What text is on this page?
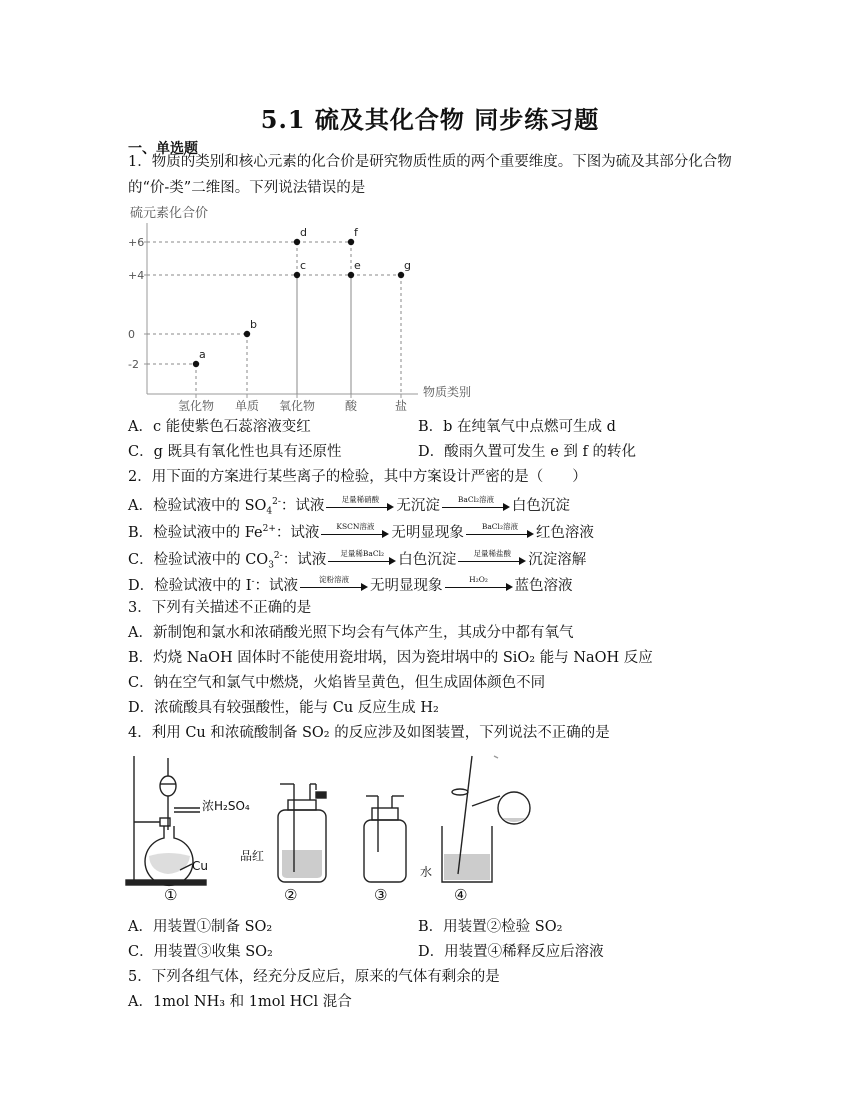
5.1 硫及其化合物 同步练习题
一、单选题
1．物质的类别和核心元素的化合价是研究物质性质的两个重要维度。下图为硫及其部分化合物
的“价-类”二维图。下列说法错误的是
硫元素化合价
物质类别
+6
+4
0
-2
氢化物 单质 氧化物 酸	盐
a
b
c
d
e
f
g
A．c 能使紫色石蕊溶液变红	B．b 在纯氧气中点燃可生成 d
C．g 既具有氧化性也具有还原性	D．酸雨久置可发生 e 到 f 的转化
2．用下面的方案进行某些离子的检验，其中方案设计严密的是（　　）
A．检验试液中的 $SO_4^{2-}$：试液	足量稀硝酸	无沉淀	BaCl₂溶液	白色沉淀
B．检验试液中的 $Fe^{2+}$：试液	KSCN溶液	无明显现象	BaCl₂溶液	红色溶液
C．检验试液中的 $CO_3^{2-}$：试液	足量稀BaCl₂ 白色沉淀	足量稀盐酸	沉淀溶解
D．检验试液中的 I-：试液	淀粉溶液	无明显现象	H₂O₂	蓝色溶液
3．下列有关描述不正确的是
A．新制饱和氯水和浓硝酸光照下均会有气体产生，其成分中都有氧气
B．灼烧 NaOH 固体时不能使用瓷坩埚，因为瓷坩埚中的 SiO₂ 能与 NaOH 反应
C．钠在空气和氯气中燃烧，火焰皆呈黄色，但生成固体颜色不同
D．浓硫酸具有较强酸性，能与 Cu 反应生成 H₂
4．利用 Cu 和浓硫酸制备 SO₂ 的反应涉及如图装置，下列说法不正确的是
浓H₂SO₄
Cu
①
品红
②	③
水
④
A．用装置①制备 SO₂	B．用装置②检验 SO₂
C．用装置③收集 SO₂	D．用装置④稀释反应后溶液
5．下列各组气体，经充分反应后，原来的气体有剩余的是
A．1mol NH₃ 和 1mol HCl 混合
